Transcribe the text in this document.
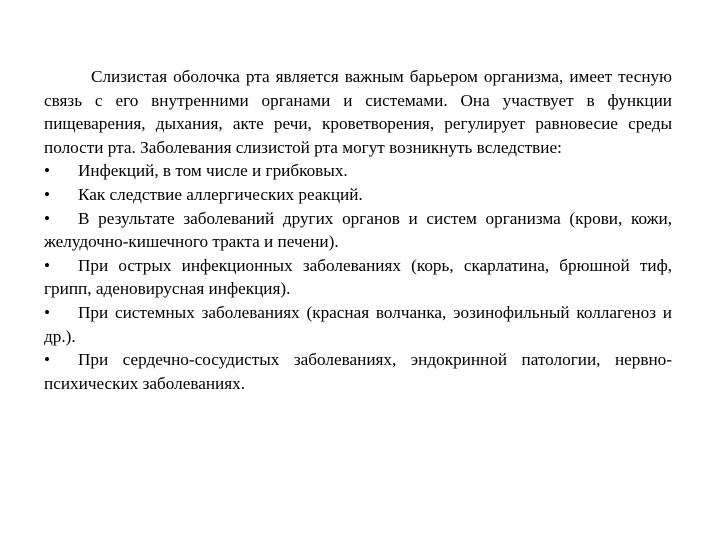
Слизистая оболочка рта является важным барьером организма, имеет тесную связь с его внутренними органами и системами. Она участвует в функции пищеварения, дыхания, акте речи, кроветворения, регулирует равновесие среды полости рта. Заболевания слизистой рта могут возникнуть вследствие:

• Инфекций, в том числе и грибковых.

• Как следствие аллергических реакций.

• В результате заболеваний других органов и систем организма (крови, кожи, желудочно-кишечного тракта и печени).

• При острых инфекционных заболеваниях (корь, скарлатина, брюшной тиф, грипп, аденовирусная инфекция).

• При системных заболеваниях (красная волчанка, эозинофильный коллагеноз и др.).

• При сердечно-сосудистых заболеваниях, эндокринной патологии, нервно-психических заболеваниях.
